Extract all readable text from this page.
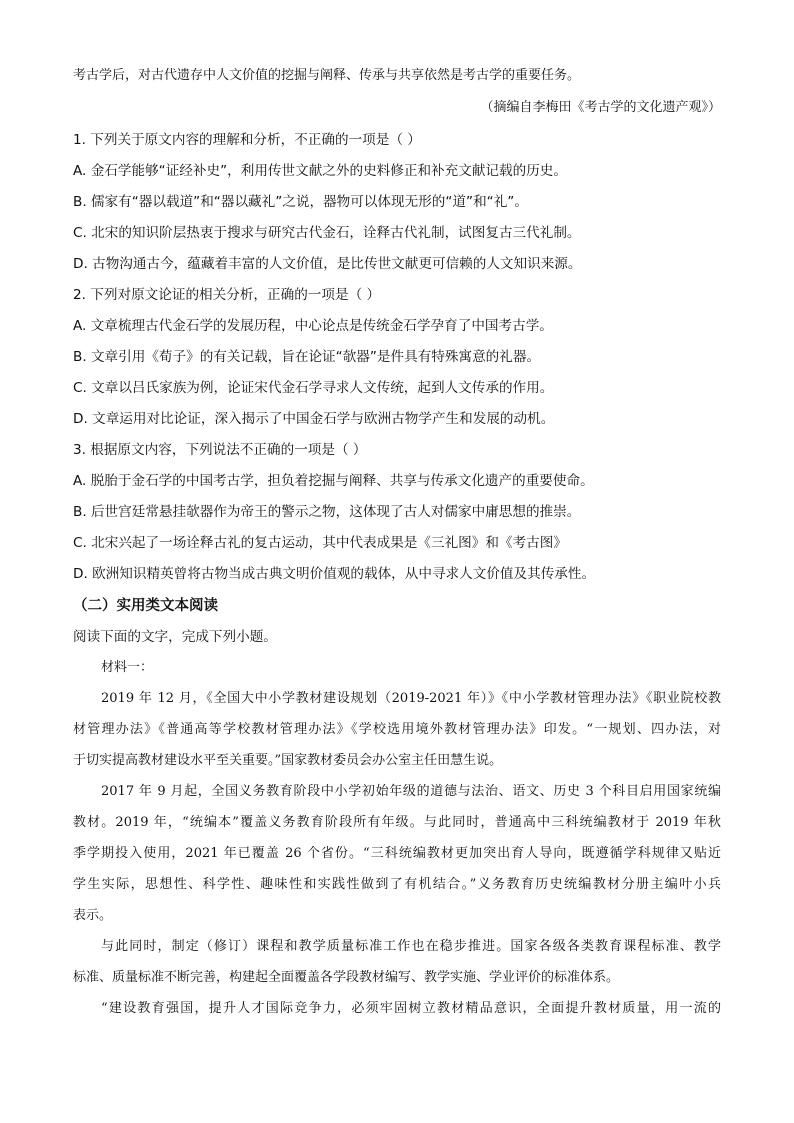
考古学后，对古代遗存中人文价值的挖掘与阐释、传承与共享依然是考古学的重要任务。
（摘编自李梅田《考古学的文化遗产观》）
1. 下列关于原文内容的理解和分析，不正确的一项是（ ）
A. 金石学能够“证经补史”，利用传世文献之外的史料修正和补充文献记载的历史。
B. 儒家有“器以载道”和“器以藏礼”之说，器物可以体现无形的“道”和“礼”。
C. 北宋的知识阶层热衷于搜求与研究古代金石，诠释古代礼制，试图复古三代礼制。
D. 古物沟通古今，蕴藏着丰富的人文价值，是比传世文献更可信赖的人文知识来源。
2. 下列对原文论证的相关分析，正确的一项是（ ）
A. 文章梳理古代金石学的发展历程，中心论点是传统金石学孕育了中国考古学。
B. 文章引用《荀子》的有关记载，旨在论证“欹器”是件具有特殊寓意的礼器。
C. 文章以吕氏家族为例，论证宋代金石学寻求人文传统，起到人文传承的作用。
D. 文章运用对比论证，深入揭示了中国金石学与欧洲古物学产生和发展的动机。
3. 根据原文内容，下列说法不正确的一项是（ ）
A. 脱胎于金石学的中国考古学，担负着挖掘与阐释、共享与传承文化遗产的重要使命。
B. 后世宫廷常悬挂欹器作为帝王的警示之物，这体现了古人对儒家中庸思想的推崇。
C. 北宋兴起了一场诠释古礼的复古运动，其中代表成果是《三礼图》和《考古图》
D. 欧洲知识精英曾将古物当成古典文明价值观的载体，从中寻求人文价值及其传承性。
（二）实用类文本阅读
阅读下面的文字，完成下列小题。
材料一：
2019 年 12 月，《全国大中小学教材建设规划（2019-2021 年）》《中小学教材管理办法》《职业院校教
材管理办法》《普通高等学校教材管理办法》《学校选用境外教材管理办法》印发。“一规划、四办法，对
于切实提高教材建设水平至关重要。”国家教材委员会办公室主任田慧生说。
2017 年 9 月起，全国义务教育阶段中小学初始年级的道德与法治、语文、历史 3 个科目启用国家统编
教材。2019 年，“统编本”覆盖义务教育阶段所有年级。与此同时，普通高中三科统编教材于 2019 年秋
季学期投入使用，2021 年已覆盖 26 个省份。“三科统编教材更加突出育人导向，既遵循学科规律又贴近
学生实际，思想性、科学性、趣味性和实践性做到了有机结合。”义务教育历史统编教材分册主编叶小兵
表示。
与此同时，制定（修订）课程和教学质量标准工作也在稳步推进。国家各级各类教育课程标准、教学
标准、质量标准不断完善，构建起全面覆盖各学段教材编写、教学实施、学业评价的标准体系。
“建设教育强国，提升人才国际竞争力，必须牢固树立教材精品意识，全面提升教材质量，用一流的
